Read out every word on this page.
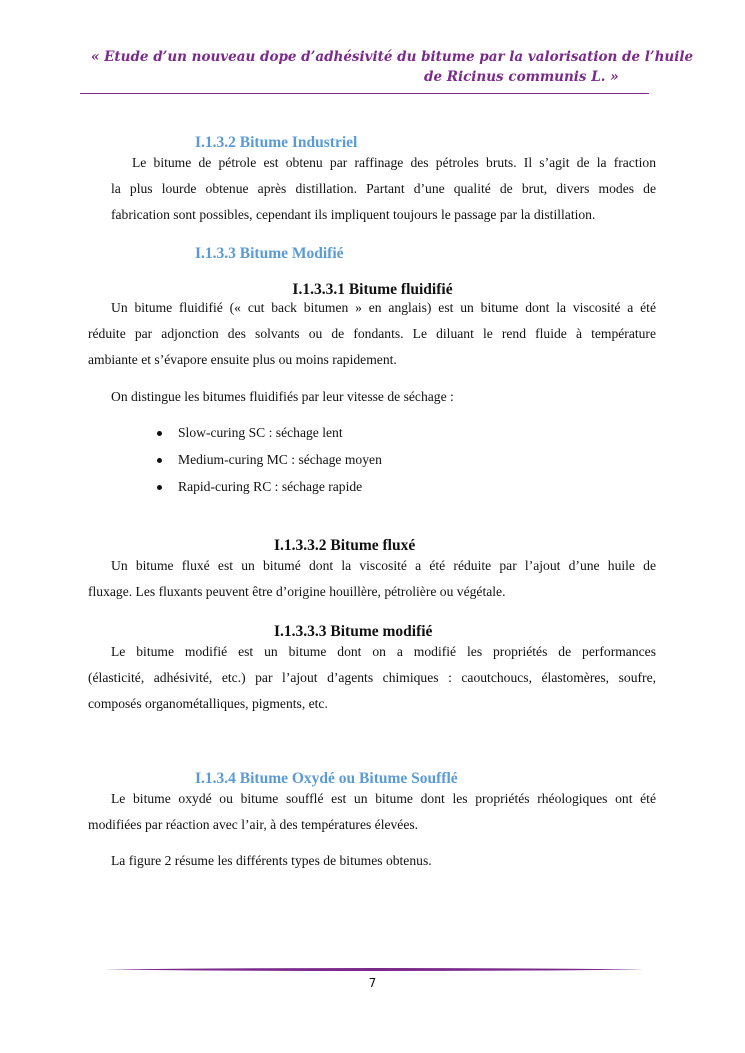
« Etude d’un nouveau dope d’adhésivité du bitume par la valorisation de l’huile
de Ricinus communis L. »
I.1.3.2 Bitume Industriel
Le bitume de pétrole est obtenu par raffinage des pétroles bruts. Il s’agit de la fraction
la plus lourde obtenue après distillation. Partant d’une qualité de brut, divers modes de
fabrication sont possibles, cependant ils impliquent toujours le passage par la distillation.
I.1.3.3 Bitume Modifié
I.1.3.3.1 Bitume fluidifié
Un bitume fluidifié (« cut back bitumen » en anglais) est un bitume dont la viscosité a été
réduite par adjonction des solvants ou de fondants. Le diluant le rend fluide à température
ambiante et s’évapore ensuite plus ou moins rapidement.
On distingue les bitumes fluidifiés par leur vitesse de séchage :
Slow-curing SC : séchage lent
Medium-curing MC : séchage moyen
Rapid-curing RC : séchage rapide
I.1.3.3.2 Bitume fluxé
Un bitume fluxé est un bitumé dont la viscosité a été réduite par l’ajout d’une huile de
fluxage. Les fluxants peuvent être d’origine houillère, pétrolière ou végétale.
I.1.3.3.3 Bitume modifié
Le bitume modifié est un bitume dont on a modifié les propriétés de performances
(élasticité, adhésivité, etc.) par l’ajout d’agents chimiques : caoutchoucs, élastomères, soufre,
composés organométalliques, pigments, etc.
I.1.3.4 Bitume Oxydé ou Bitume Soufflé
Le bitume oxydé ou bitume soufflé est un bitume dont les propriétés rhéologiques ont été
modifiées par réaction avec l’air, à des températures élevées.
La figure 2 résume les différents types de bitumes obtenus.
7
